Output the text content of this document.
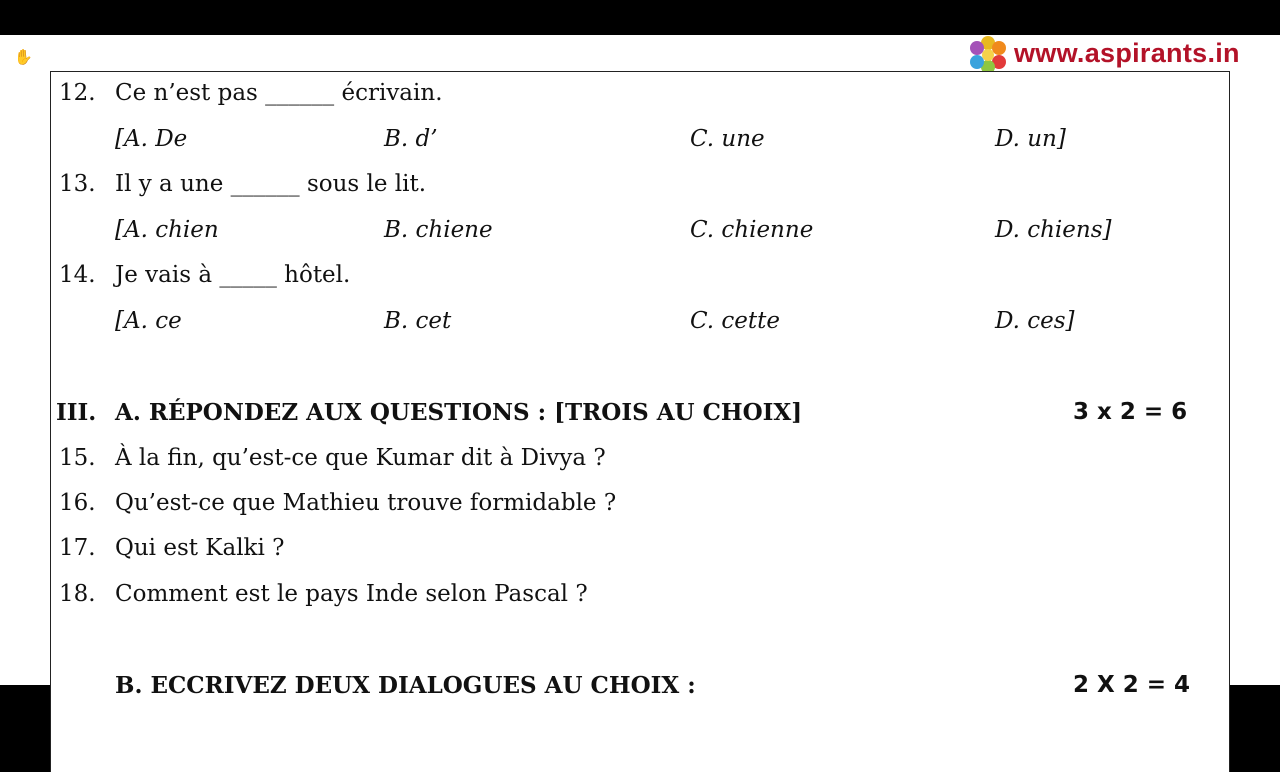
✋	www.aspirants.in
12. Ce n’est pas ______ écrivain.
[A. De	B. d’	C. une	D. un]
13. Il y a une ______ sous le lit.
[A. chien	B. chiene	C. chienne	D. chiens]
14. Je vais à _____ hôtel.
[A. ce	B. cet	C. cette	D. ces]
III. A. RÉPONDEZ AUX QUESTIONS : [TROIS AU CHOIX]	3 x 2 = 6
15. À la fin, qu’est-ce que Kumar dit à Divya ?
16. Qu’est-ce que Mathieu trouve formidable ?
17. Qui est Kalki ?
18. Comment est le pays Inde selon Pascal ?
B. ECCRIVEZ DEUX DIALOGUES AU CHOIX :	2 X 2 = 4
